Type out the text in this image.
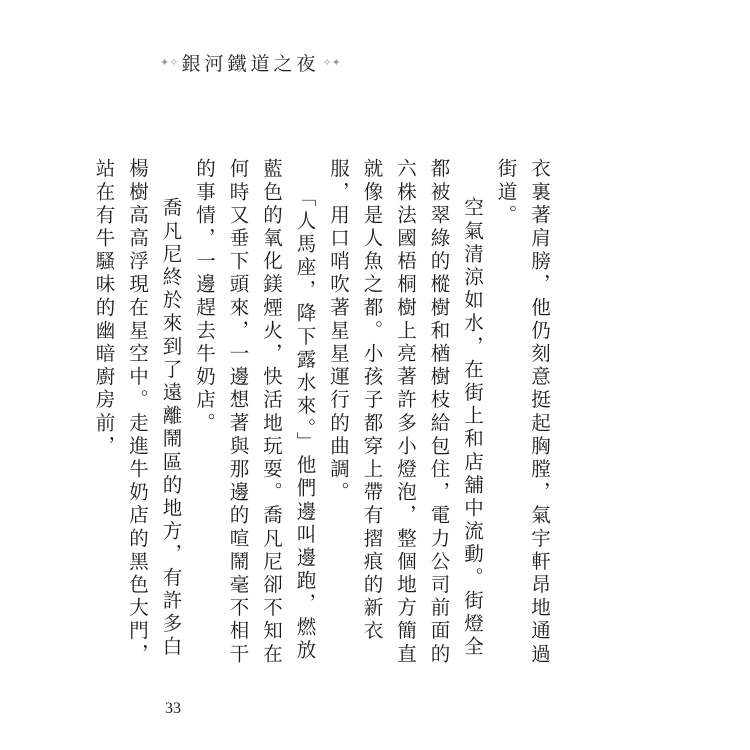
✦ ✧ 銀河鐵道之夜 ✧ ✦

衣裏著肩膀，他仍刻意挺起胸膛，氣宇軒昂地通過街道。

空氣清涼如水，在街上和店舖中流動。街燈全都被翠綠的樅樹和楢樹枝給包住，電力公司前面的六株法國梧桐樹上亮著許多小燈泡，整個地方簡直就像是人魚之都。小孩子都穿上帶有摺痕的新衣服，用口哨吹著星星運行的曲調。

「人馬座，降下露水來。」他們邊叫邊跑，燃放藍色的氧化鎂煙火，快活地玩耍。喬凡尼卻不知在何時又垂下頭來，一邊想著與那邊的喧鬧毫不相干的事情，一邊趕去牛奶店。

喬凡尼終於來到了遠離鬧區的地方，有許多白楊樹高高浮現在星空中。走進牛奶店的黑色大門，站在有牛騷味的幽暗廚房前，

33
